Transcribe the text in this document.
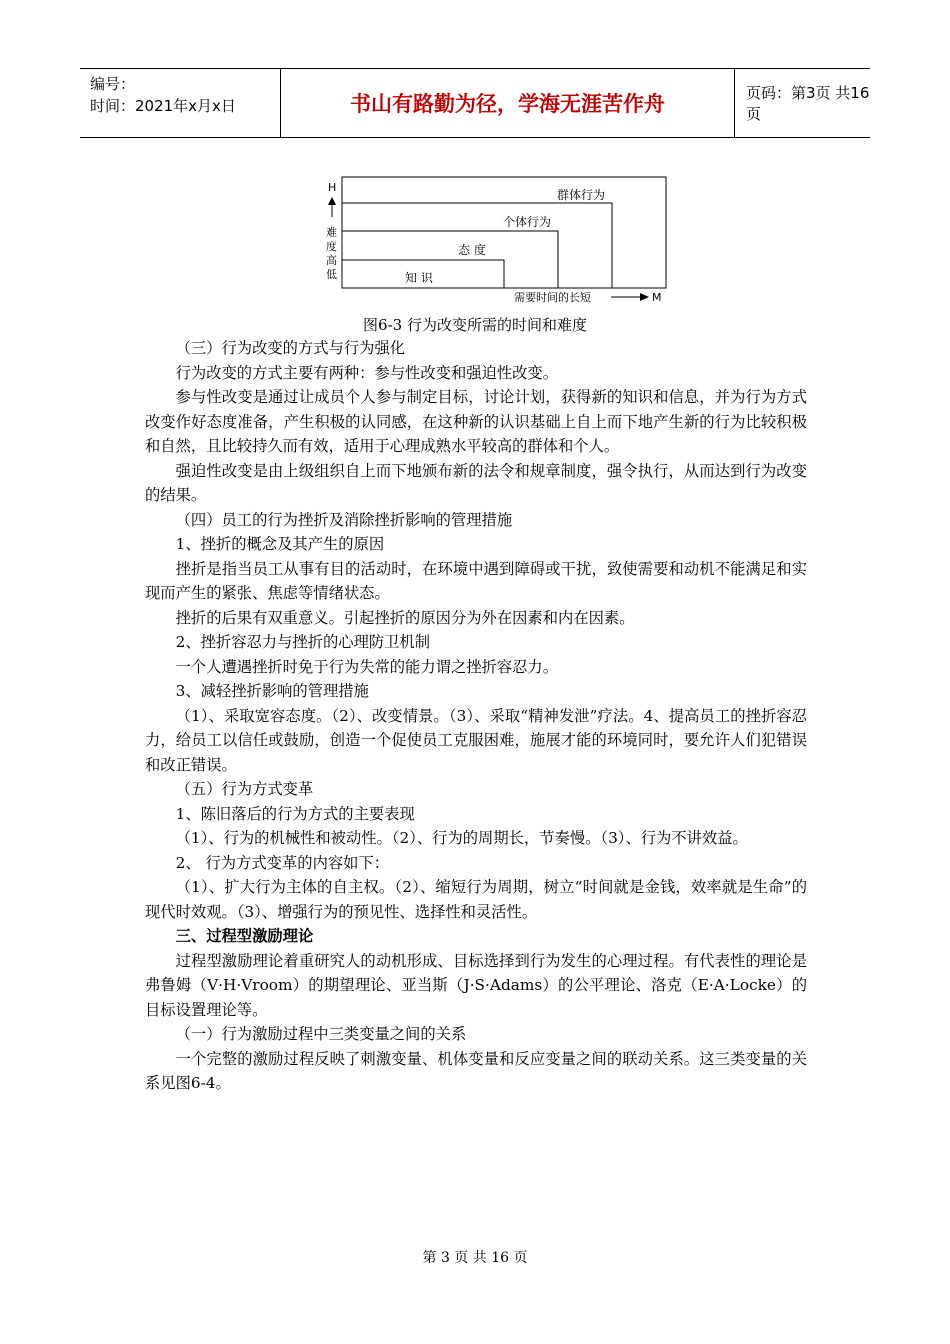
编号：
时间：2021年x月x日	书山有路勤为径，学海无涯苦作舟	页码：第3页 共16页
H
难
度
高
低	知 识
态 度
个体行为
群体行为
需要时间的长短	M
图6-3 行为改变所需的时间和难度

（三）行为改变的方式与行为强化

行为改变的方式主要有两种：参与性改变和强迫性改变。

参与性改变是通过让成员个人参与制定目标，讨论计划，获得新的知识和信息，并为行为方式改变作好态度准备，产生积极的认同感，在这种新的认识基础上自上而下地产生新的行为比较积极和自然，且比较持久而有效，适用于心理成熟水平较高的群体和个人。

强迫性改变是由上级组织自上而下地颁布新的法令和规章制度，强令执行，从而达到行为改变的结果。

（四）员工的行为挫折及消除挫折影响的管理措施

1、挫折的概念及其产生的原因

挫折是指当员工从事有目的活动时，在环境中遇到障碍或干扰，致使需要和动机不能满足和实现而产生的紧张、焦虑等情绪状态。

挫折的后果有双重意义。引起挫折的原因分为外在因素和内在因素。

2、挫折容忍力与挫折的心理防卫机制

一个人遭遇挫折时免于行为失常的能力谓之挫折容忍力。

3、减轻挫折影响的管理措施

（1）、采取宽容态度。（2）、改变情景。（3）、采取“精神发泄”疗法。4、提高员工的挫折容忍力，给员工以信任或鼓励，创造一个促使员工克服困难，施展才能的环境同时，要允许人们犯错误和改正错误。

（五）行为方式变革

1、陈旧落后的行为方式的主要表现

（1）、行为的机械性和被动性。（2）、行为的周期长，节奏慢。（3）、行为不讲效益。

2、 行为方式变革的内容如下：

（1）、扩大行为主体的自主权。（2）、缩短行为周期，树立“时间就是金钱，效率就是生命”的现代时效观。（3）、增强行为的预见性、选择性和灵活性。

三、过程型激励理论

过程型激励理论着重研究人的动机形成、目标选择到行为发生的心理过程。有代表性的理论是弗鲁姆（V·H·Vroom）的期望理论、亚当斯（J·S·Adams）的公平理论、洛克（E·A·Locke）的目标设置理论等。

（一）行为激励过程中三类变量之间的关系

一个完整的激励过程反映了刺激变量、机体变量和反应变量之间的联动关系。这三类变量的关系见图6-4。

第 3 页 共 16 页
